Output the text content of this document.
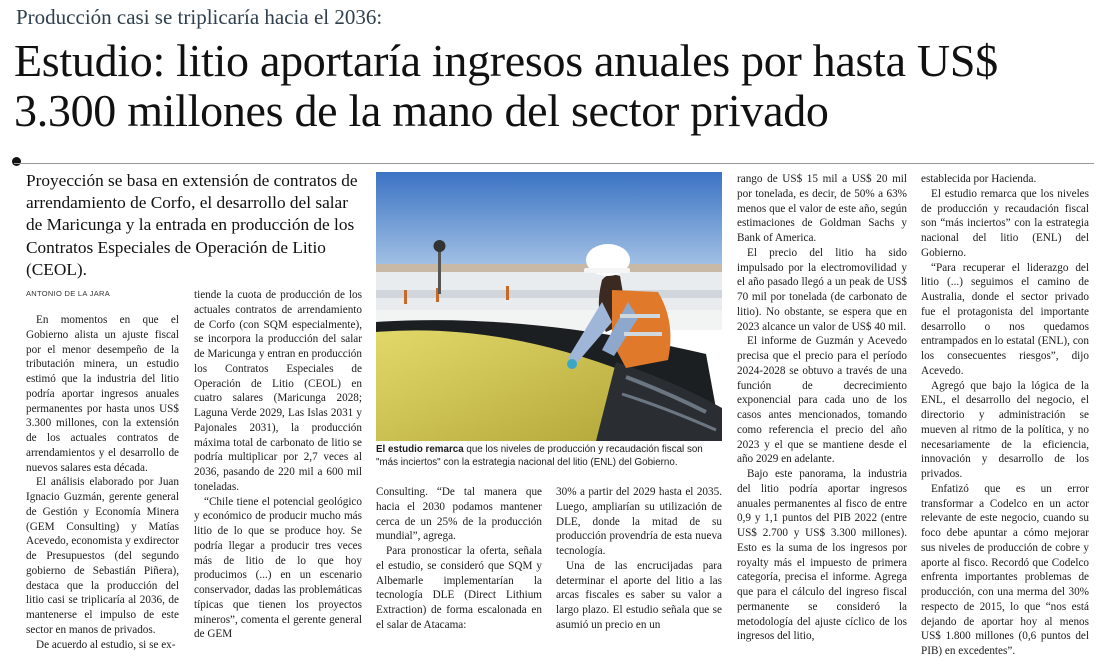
Producción casi se triplicaría hacia el 2036:
Estudio: litio aportaría ingresos anuales por hasta US$ 3.300 millones de la mano del sector privado
Proyección se basa en extensión de contratos de arrendamiento de Corfo, el desarrollo del salar de Maricunga y la entrada en producción de los Contratos Especiales de Operación de Litio (CEOL).
ANTONIO DE LA JARA

En momentos en que el Gobierno alista un ajuste fiscal por el menor desempeño de la tributación minera, un estudio estimó que la industria del litio podría aportar ingresos anuales permanentes por hasta unos US$ 3.300 millones, con la extensión de los actuales contratos de arrendamientos y el desarrollo de nuevos salares esta década.

El análisis elaborado por Juan Ignacio Guzmán, gerente general de Gestión y Economía Minera (GEM Consulting) y Matías Acevedo, economista y exdirector de Presupuestos (del segundo gobierno de Sebastián Piñera), destaca que la producción del litio casi se triplicaría al 2036, de mantenerse el impulso de este sector en manos de privados.

De acuerdo al estudio, si se ex-

tiende la cuota de producción de los actuales contratos de arrendamiento de Corfo (con SQM especialmente), se incorpora la producción del salar de Maricunga y entran en producción los Contratos Especiales de Operación de Litio (CEOL) en cuatro salares (Maricunga 2028; Laguna Verde 2029, Las Islas 2031 y Pajonales 2031), la producción máxima total de carbonato de litio se podría multiplicar por 2,7 veces al 2036, pasando de 220 mil a 600 mil toneladas.

“Chile tiene el potencial geológico y económico de producir mucho más litio de lo que se produce hoy. Se podría llegar a producir tres veces más de litio de lo que hoy producimos (...) en un escenario conservador, dadas las problemáticas típicas que tienen los proyectos mineros”, comenta el gerente general de GEM

El estudio remarca que los niveles de producción y recaudación fiscal son "más inciertos" con la estrategia nacional del litio (ENL) del Gobierno.

Consulting. “De tal manera que hacia el 2030 podamos mantener cerca de un 25% de la producción mundial”, agrega.

Para pronosticar la oferta, señala el estudio, se consideró que SQM y Albemarle implementarían la tecnología DLE (Direct Lithium Extraction) de forma escalonada en el salar de Atacama:

30% a partir del 2029 hasta el 2035. Luego, ampliarían su utilización de DLE, donde la mitad de su producción provendría de esta nueva tecnología.

Una de las encrucijadas para determinar el aporte del litio a las arcas fiscales es saber su valor a largo plazo. El estudio señala que se asumió un precio en un

rango de US$ 15 mil a US$ 20 mil por tonelada, es decir, de 50% a 63% menos que el valor de este año, según estimaciones de Goldman Sachs y Bank of America.

El precio del litio ha sido impulsado por la electromovilidad y el año pasado llegó a un peak de US$ 70 mil por tonelada (de carbonato de litio). No obstante, se espera que en 2023 alcance un valor de US$ 40 mil.

El informe de Guzmán y Acevedo precisa que el precio para el período 2024-2028 se obtuvo a través de una función de decrecimiento exponencial para cada uno de los casos antes mencionados, tomando como referencia el precio del año 2023 y el que se mantiene desde el año 2029 en adelante.

Bajo este panorama, la industria del litio podría aportar ingresos anuales permanentes al fisco de entre 0,9 y 1,1 puntos del PIB 2022 (entre US$ 2.700 y US$ 3.300 millones). Esto es la suma de los ingresos por royalty más el impuesto de primera categoría, precisa el informe. Agrega que para el cálculo del ingreso fiscal permanente se consideró la metodología del ajuste cíclico de los ingresos del litio,

establecida por Hacienda.

El estudio remarca que los niveles de producción y recaudación fiscal son “más inciertos” con la estrategia nacional del litio (ENL) del Gobierno.

“Para recuperar el liderazgo del litio (...) seguimos el camino de Australia, donde el sector privado fue el protagonista del importante desarrollo o nos quedamos entrampados en lo estatal (ENL), con los consecuentes riesgos”, dijo Acevedo.

Agregó que bajo la lógica de la ENL, el desarrollo del negocio, el directorio y administración se mueven al ritmo de la política, y no necesariamente de la eficiencia, innovación y desarrollo de los privados.

Enfatizó que es un error transformar a Codelco en un actor relevante de este negocio, cuando su foco debe apuntar a cómo mejorar sus niveles de producción de cobre y aporte al fisco. Recordó que Codelco enfrenta importantes problemas de producción, con una merma del 30% respecto de 2015, lo que “nos está dejando de aportar hoy al menos US$ 1.800 millones (0,6 puntos del PIB) en excedentes”.
